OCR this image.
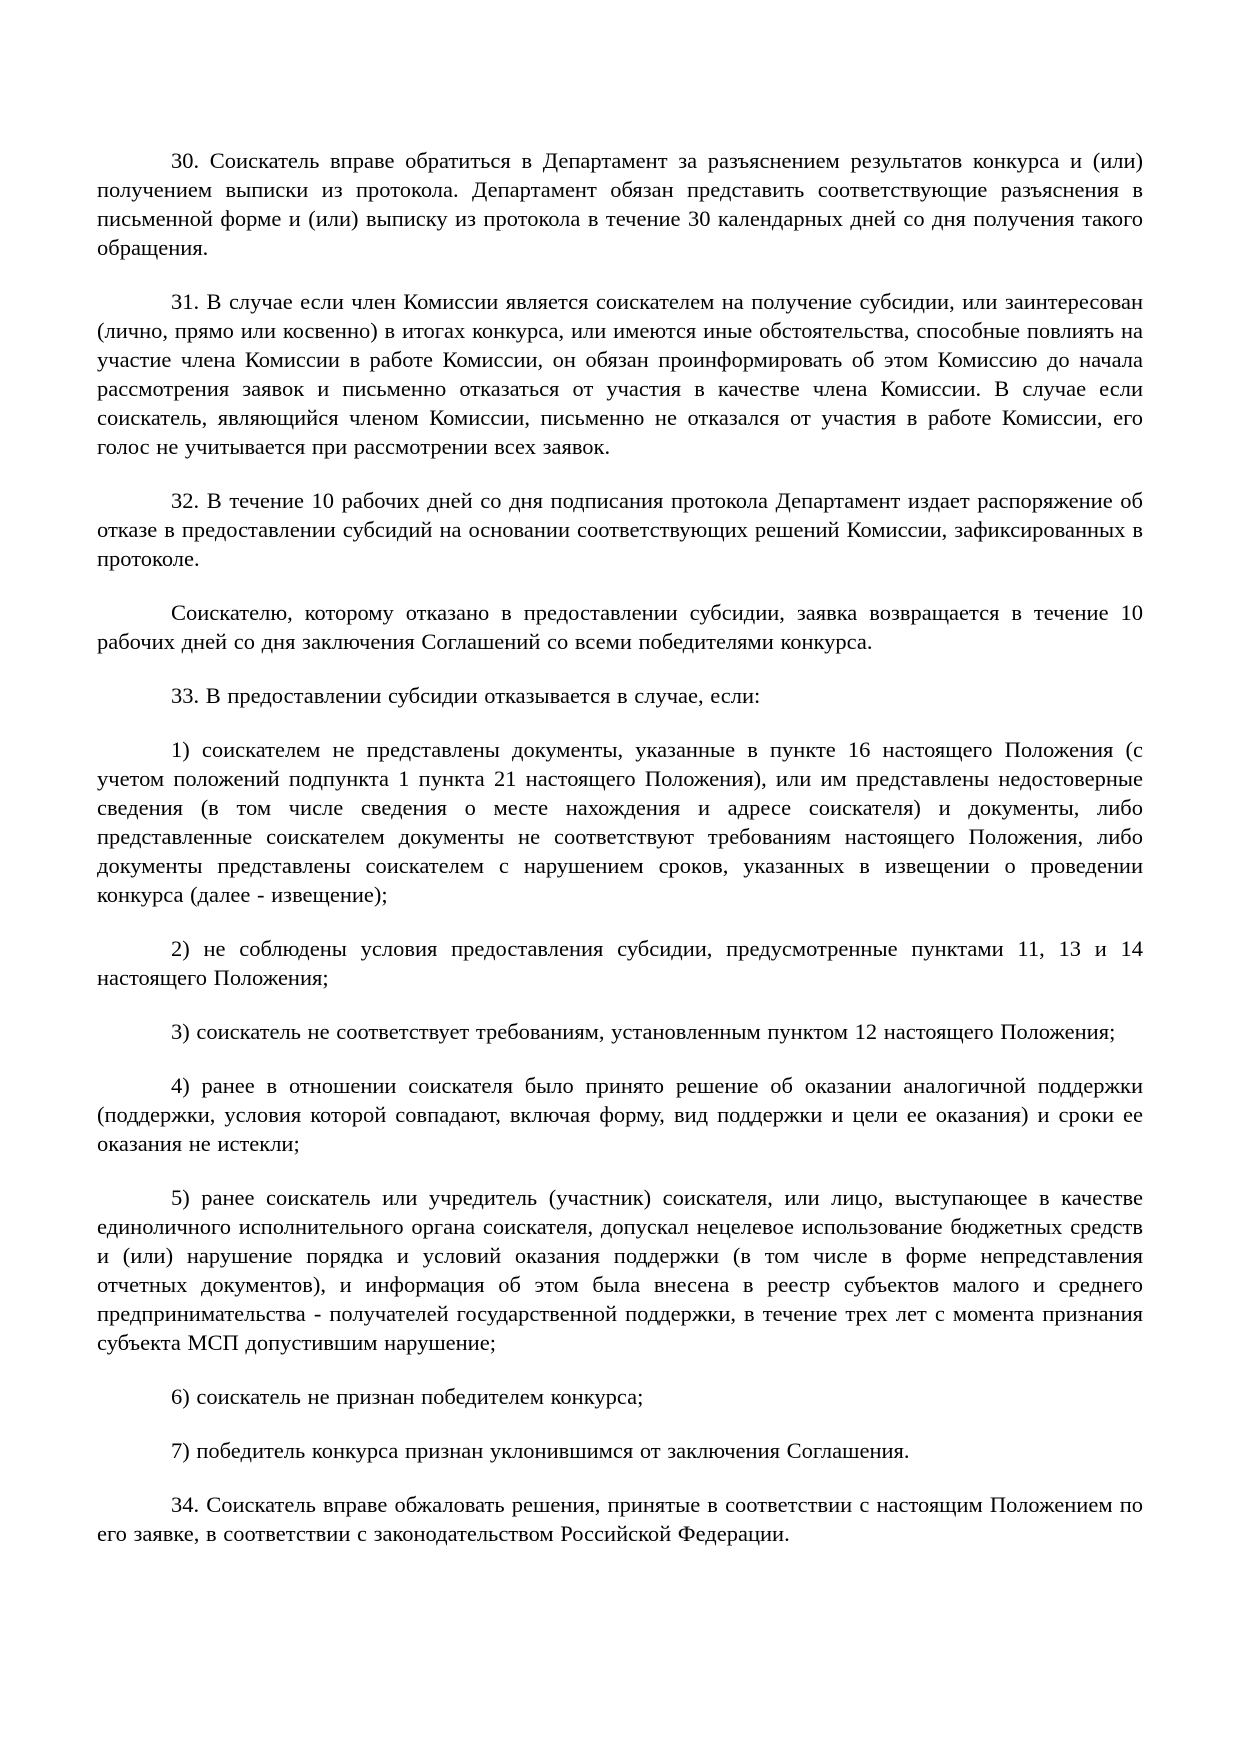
30. Соискатель вправе обратиться в Департамент за разъяснением результатов конкурса и (или) получением выписки из протокола. Департамент обязан представить соответствующие разъяснения в письменной форме и (или) выписку из протокола в течение 30 календарных дней со дня получения такого обращения.

31. В случае если член Комиссии является соискателем на получение субсидии, или заинтересован (лично, прямо или косвенно) в итогах конкурса, или имеются иные обстоятельства, способные повлиять на участие члена Комиссии в работе Комиссии, он обязан проинформировать об этом Комиссию до начала рассмотрения заявок и письменно отказаться от участия в качестве члена Комиссии. В случае если соискатель, являющийся членом Комиссии, письменно не отказался от участия в работе Комиссии, его голос не учитывается при рассмотрении всех заявок.

32. В течение 10 рабочих дней со дня подписания протокола Департамент издает распоряжение об отказе в предоставлении субсидий на основании соответствующих решений Комиссии, зафиксированных в протоколе.

Соискателю, которому отказано в предоставлении субсидии, заявка возвращается в течение 10 рабочих дней со дня заключения Соглашений со всеми победителями конкурса.

33. В предоставлении субсидии отказывается в случае, если:

1) соискателем не представлены документы, указанные в пункте 16 настоящего Положения (с учетом положений подпункта 1 пункта 21 настоящего Положения), или им представлены недостоверные сведения (в том числе сведения о месте нахождения и адресе соискателя) и документы, либо представленные соискателем документы не соответствуют требованиям настоящего Положения, либо документы представлены соискателем с нарушением сроков, указанных в извещении о проведении конкурса (далее - извещение);

2) не соблюдены условия предоставления субсидии, предусмотренные пунктами 11, 13 и 14 настоящего Положения;

3) соискатель не соответствует требованиям, установленным пунктом 12 настоящего Положения;

4) ранее в отношении соискателя было принято решение об оказании аналогичной поддержки (поддержки, условия которой совпадают, включая форму, вид поддержки и цели ее оказания) и сроки ее оказания не истекли;

5) ранее соискатель или учредитель (участник) соискателя, или лицо, выступающее в качестве единоличного исполнительного органа соискателя, допускал нецелевое использование бюджетных средств и (или) нарушение порядка и условий оказания поддержки (в том числе в форме непредставления отчетных документов), и информация об этом была внесена в реестр субъектов малого и среднего предпринимательства - получателей государственной поддержки, в течение трех лет с момента признания субъекта МСП допустившим нарушение;

6) соискатель не признан победителем конкурса;

7) победитель конкурса признан уклонившимся от заключения Соглашения.

34. Соискатель вправе обжаловать решения, принятые в соответствии с настоящим Положением по его заявке, в соответствии с законодательством Российской Федерации.
